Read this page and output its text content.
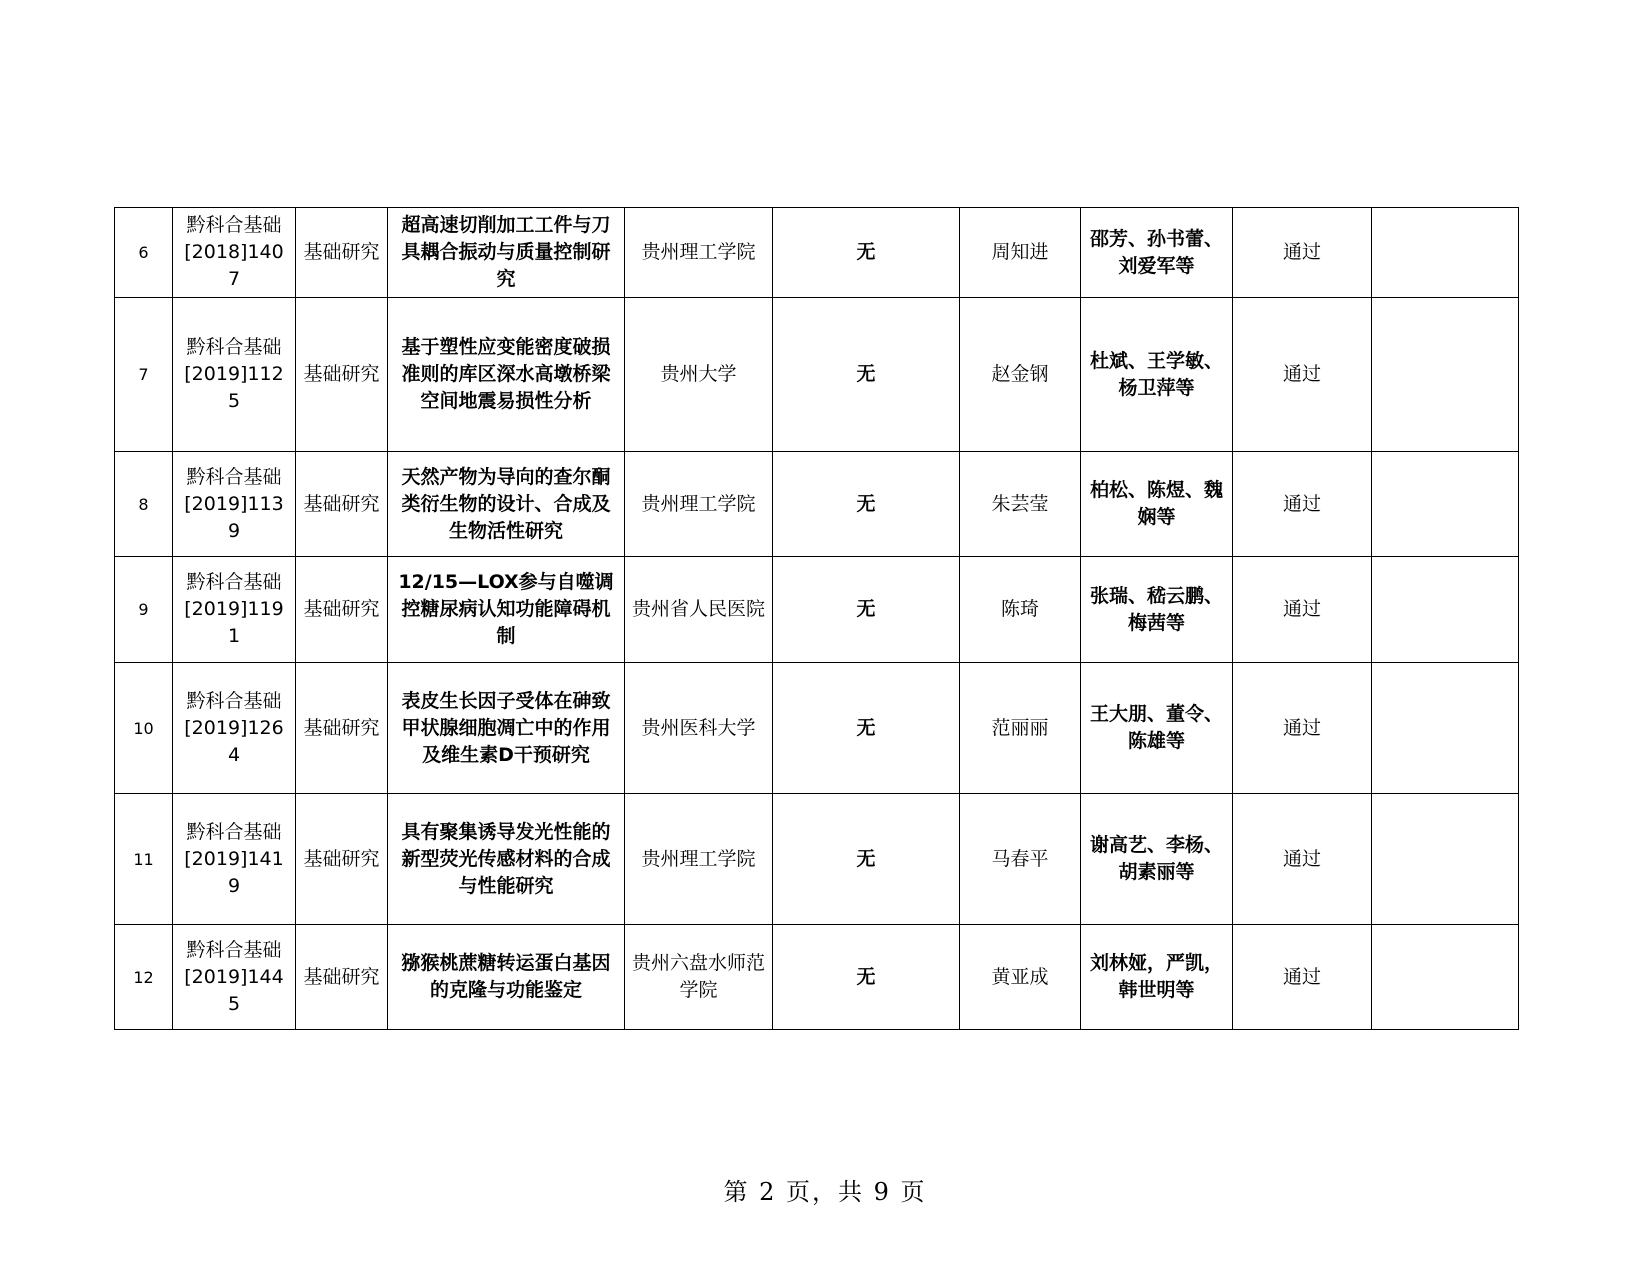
6	黔科合基础[2018]1407	基础研究	超高速切削加工工件与刀具耦合振动与质量控制研究	贵州理工学院	无	周知进	邵芳、孙书蕾、刘爱军等	通过	
7	黔科合基础[2019]1125	基础研究	基于塑性应变能密度破损准则的库区深水高墩桥梁空间地震易损性分析	贵州大学	无	赵金钢	杜斌、王学敏、杨卫萍等	通过	
8	黔科合基础[2019]1139	基础研究	天然产物为导向的查尔酮类衍生物的设计、合成及生物活性研究	贵州理工学院	无	朱芸莹	柏松、陈煜、魏娴等	通过	
9	黔科合基础[2019]1191	基础研究	12/15—LOX参与自噬调控糖尿病认知功能障碍机制	贵州省人民医院	无	陈琦	张瑞、嵇云鹏、梅茜等	通过	
10	黔科合基础[2019]1264	基础研究	表皮生长因子受体在砷致甲状腺细胞凋亡中的作用及维生素D干预研究	贵州医科大学	无	范丽丽	王大朋、董令、陈雄等	通过	
11	黔科合基础[2019]1419	基础研究	具有聚集诱导发光性能的新型荧光传感材料的合成与性能研究	贵州理工学院	无	马春平	谢高艺、李杨、胡素丽等	通过	
12	黔科合基础[2019]1445	基础研究	猕猴桃蔗糖转运蛋白基因的克隆与功能鉴定	贵州六盘水师范学院	无	黄亚成	刘林娅，严凯，韩世明等	通过	
第 2 页，共 9 页
